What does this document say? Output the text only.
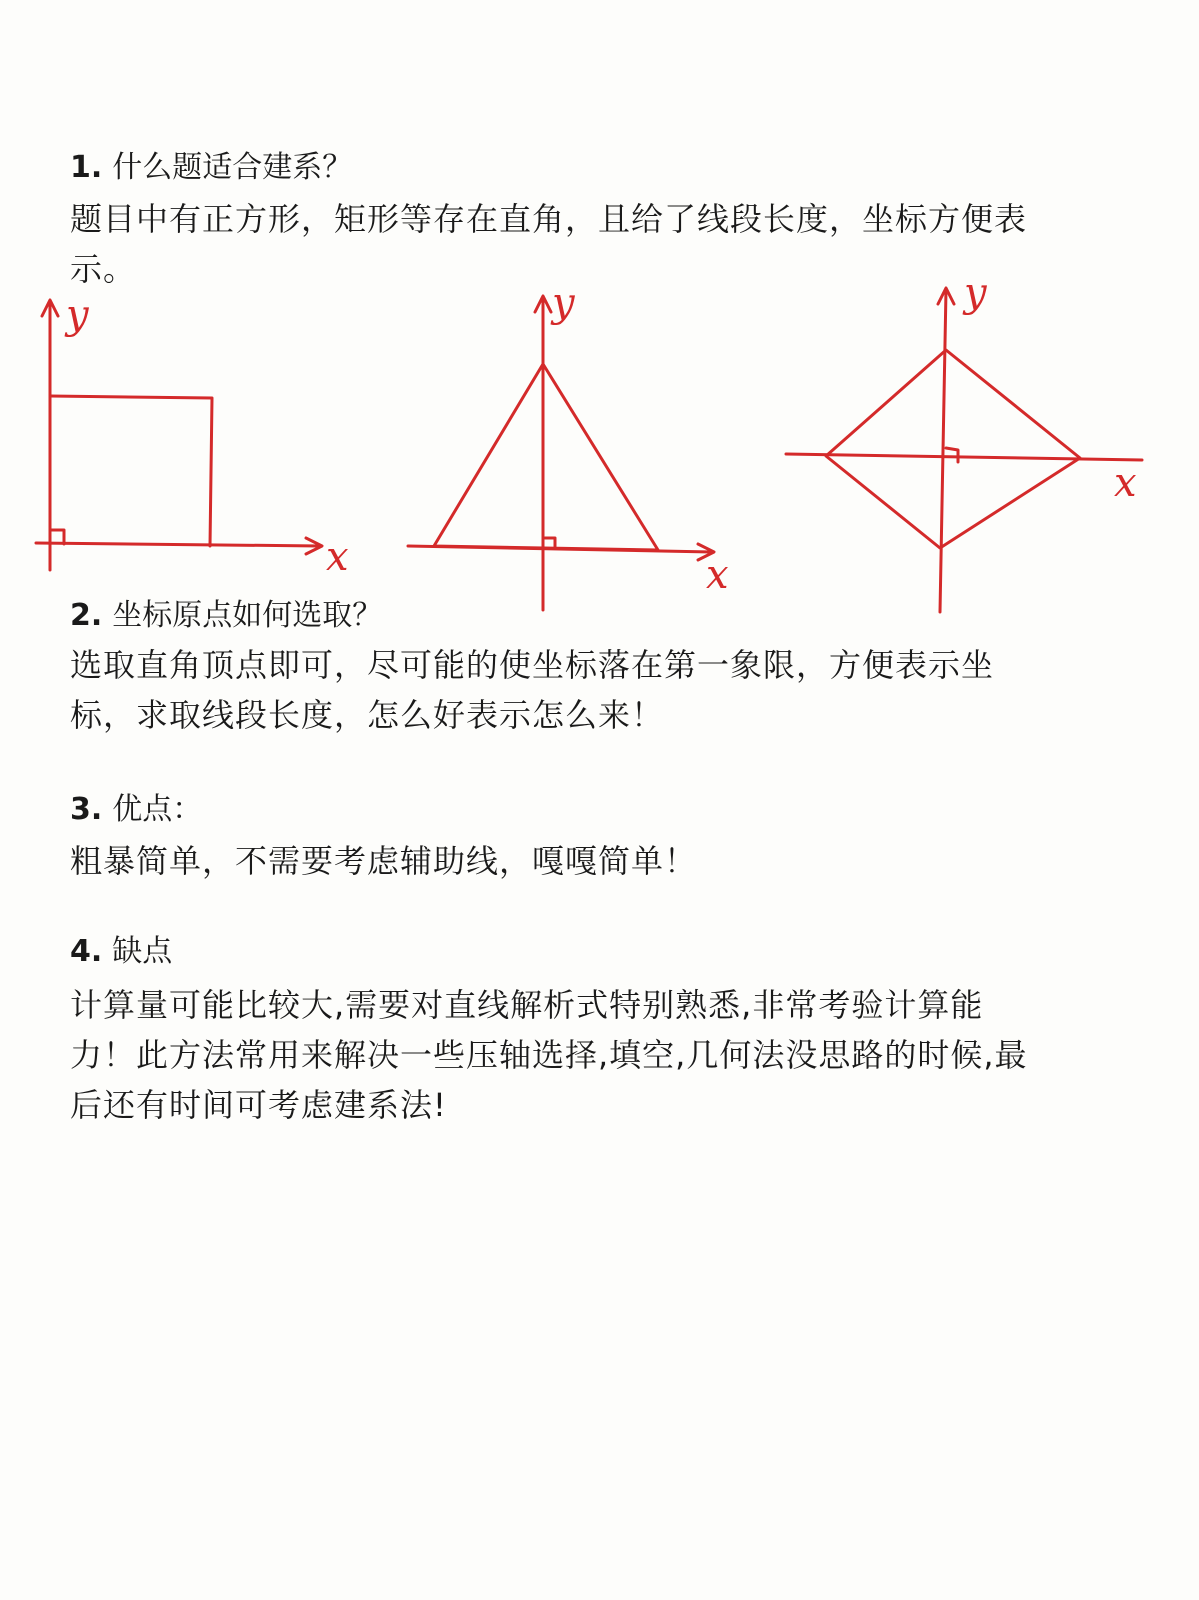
1. 什么题适合建系？
题目中有正方形，矩形等存在直角，且给了线段长度，坐标方便表示。
x
y
x
y
x
y
2. 坐标原点如何选取？
选取直角顶点即可，尽可能的使坐标落在第一象限，方便表示坐 标，求取线段长度，怎么好表示怎么来！
3. 优点：
粗暴简单，不需要考虑辅助线，嘎嘎简单！
4. 缺点
计算量可能比较大,需要对直线解析式特别熟悉,非常考验计算能力！此方法常用来解决一些压轴选择,填空,几何法没思路的时候,最后还有时间可考虑建系法!
